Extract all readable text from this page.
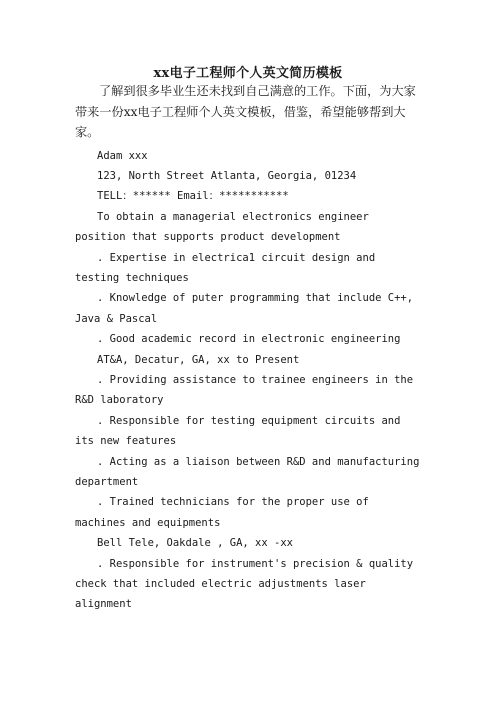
xx电子工程师个人英文简历模板

了解到很多毕业生还未找到自己满意的工作。下面，为大家带来一份xx电子工程师个人英文模板，借鉴，希望能够帮到大家。

Adam xxx

123, North Street Atlanta, Georgia, 01234

TELL：****** Email：***********

To obtain a managerial electronics engineer position that supports product development

. Expertise in electrica1 circuit design and testing techniques

. Knowledge of puter programming that include C++, Java & Pascal

. Good academic record in electronic engineering

AT&A, Decatur, GA, xx to Present

. Providing assistance to trainee engineers in the R&D laboratory

. Responsible for testing equipment circuits and its new features

. Acting as a liaison between R&D and manufacturing department

. Trained technicians for the proper use of machines and equipments

Bell Tele, Oakdale , GA, xx -xx

. Responsible for instrument's precision & quality check that included electric adjustments laser alignment
